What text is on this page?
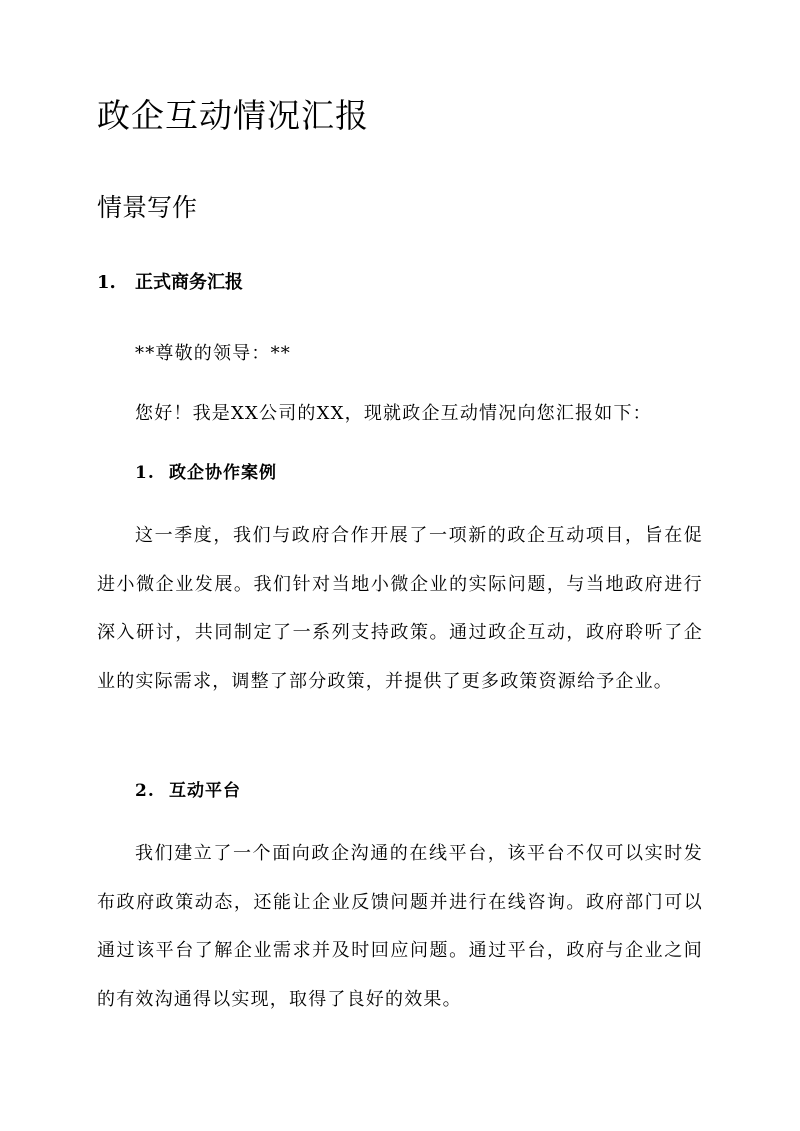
政企互动情况汇报
情景写作
1. 正式商务汇报

**尊敬的领导：**

您好！我是XX公司的XX，现就政企互动情况向您汇报如下：

1. 政企协作案例

这一季度，我们与政府合作开展了一项新的政企互动项目，旨在促进小微企业发展。我们针对当地小微企业的实际问题，与当地政府进行深入研讨，共同制定了一系列支持政策。通过政企互动，政府聆听了企业的实际需求，调整了部分政策，并提供了更多政策资源给予企业。

2. 互动平台

我们建立了一个面向政企沟通的在线平台，该平台不仅可以实时发布政府政策动态，还能让企业反馈问题并进行在线咨询。政府部门可以通过该平台了解企业需求并及时回应问题。通过平台，政府与企业之间的有效沟通得以实现，取得了良好的效果。
